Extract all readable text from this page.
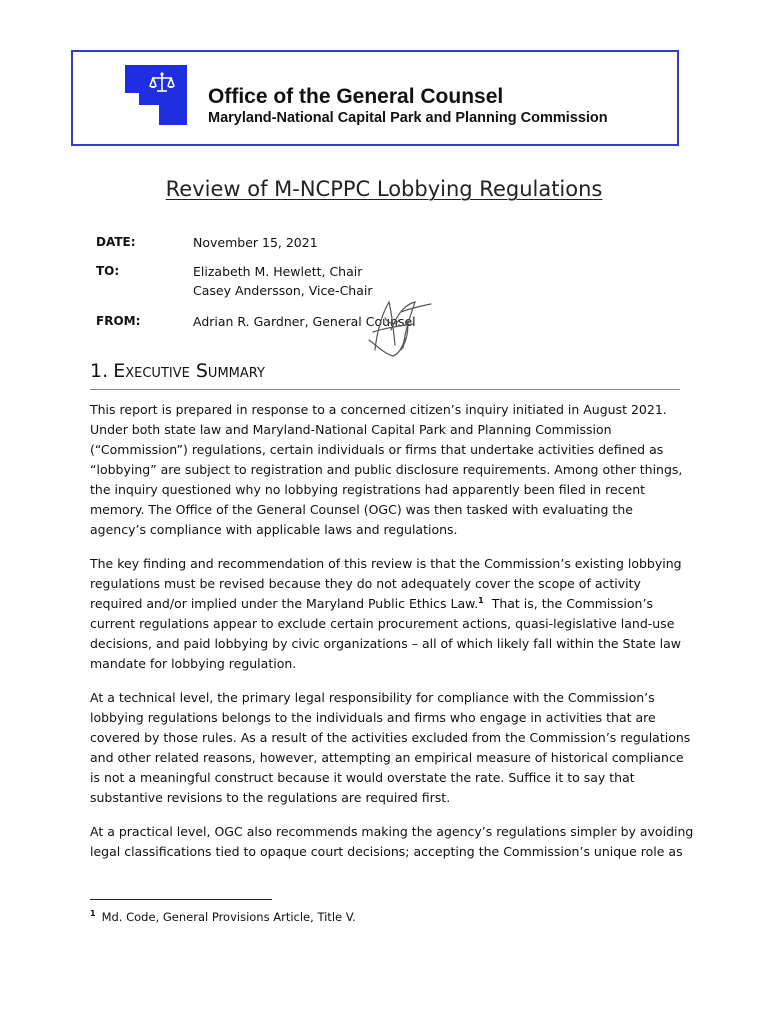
Office of the General Counsel
Maryland-National Capital Park and Planning Commission
Review of M-NCPPC Lobbying Regulations
DATE:	November 15, 2021
TO:	Elizabeth M. Hewlett, Chair
Casey Andersson, Vice-Chair
FROM:	Adrian R. Gardner, General Counsel
1. Executive Summary
This report is prepared in response to a concerned citizen’s inquiry initiated in August 2021.
Under both state law and Maryland-National Capital Park and Planning Commission
(“Commission”) regulations, certain individuals or firms that undertake activities defined as
“lobbying” are subject to registration and public disclosure requirements. Among other things,
the inquiry questioned why no lobbying registrations had apparently been filed in recent
memory. The Office of the General Counsel (OGC) was then tasked with evaluating the
agency’s compliance with applicable laws and regulations.
The key finding and recommendation of this review is that the Commission’s existing lobbying
regulations must be revised because they do not adequately cover the scope of activity
required and/or implied under the Maryland Public Ethics Law.$^1$  That is, the Commission’s
current regulations appear to exclude certain procurement actions, quasi-legislative land-use
decisions, and paid lobbying by civic organizations – all of which likely fall within the State law
mandate for lobbying regulation.
At a technical level, the primary legal responsibility for compliance with the Commission’s
lobbying regulations belongs to the individuals and firms who engage in activities that are
covered by those rules. As a result of the activities excluded from the Commission’s regulations
and other related reasons, however, attempting an empirical measure of historical compliance
is not a meaningful construct because it would overstate the rate. Suffice it to say that
substantive revisions to the regulations are required first.
At a practical level, OGC also recommends making the agency’s regulations simpler by avoiding
legal classifications tied to opaque court decisions; accepting the Commission’s unique role as
$^1$ Md. Code, General Provisions Article, Title V.
